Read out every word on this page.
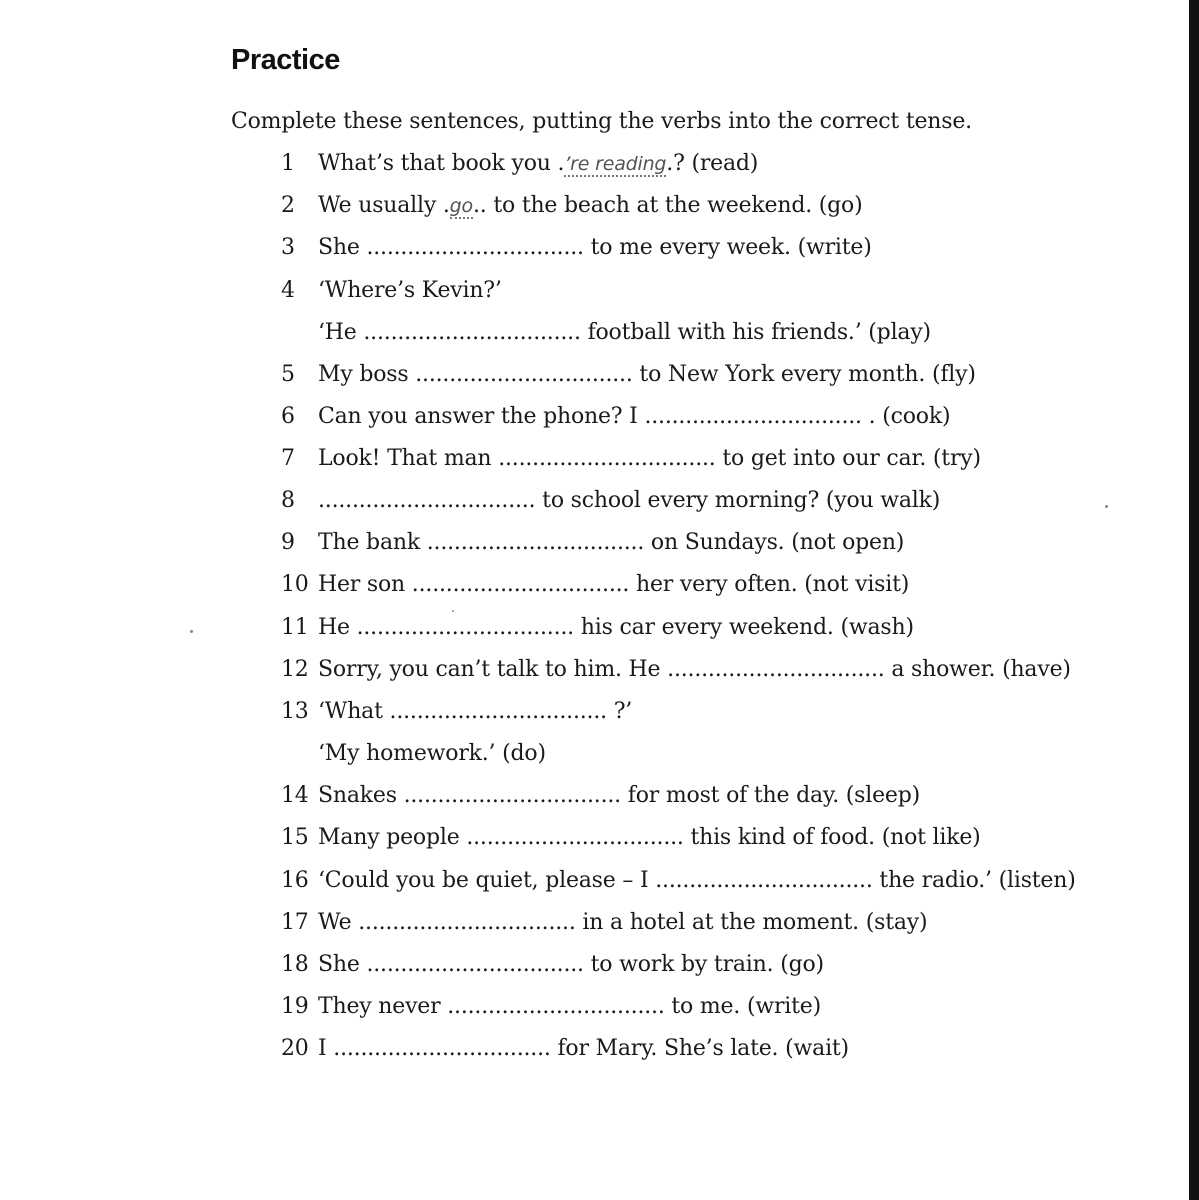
Practice
Complete these sentences, putting the verbs into the correct tense.
1	What’s that book you .’re reading.? (read)
2	We usually .go.. to the beach at the weekend. (go)
3	She ................................ to me every week. (write)
4	‘Where’s Kevin?’
‘He ................................ football with his friends.’ (play)
5	My boss ................................ to New York every month. (fly)
6	Can you answer the phone? I ................................ . (cook)
7	Look! That man ................................ to get into our car. (try)
8	................................ to school every morning? (you walk)
9	The bank ................................ on Sundays. (not open)
10 Her son ................................ her very often. (not visit)
11 He ................................ his car every weekend. (wash)
12 Sorry, you can’t talk to him. He ................................ a shower. (have)
13 ‘What ................................ ?’
‘My homework.’ (do)
14 Snakes ................................ for most of the day. (sleep)
15 Many people ................................ this kind of food. (not like)
16 ‘Could you be quiet, please – I ................................ the radio.’ (listen)
17 We ................................ in a hotel at the moment. (stay)
18 She ................................ to work by train. (go)
19 They never ................................ to me. (write)
20 I ................................ for Mary. She’s late. (wait)
